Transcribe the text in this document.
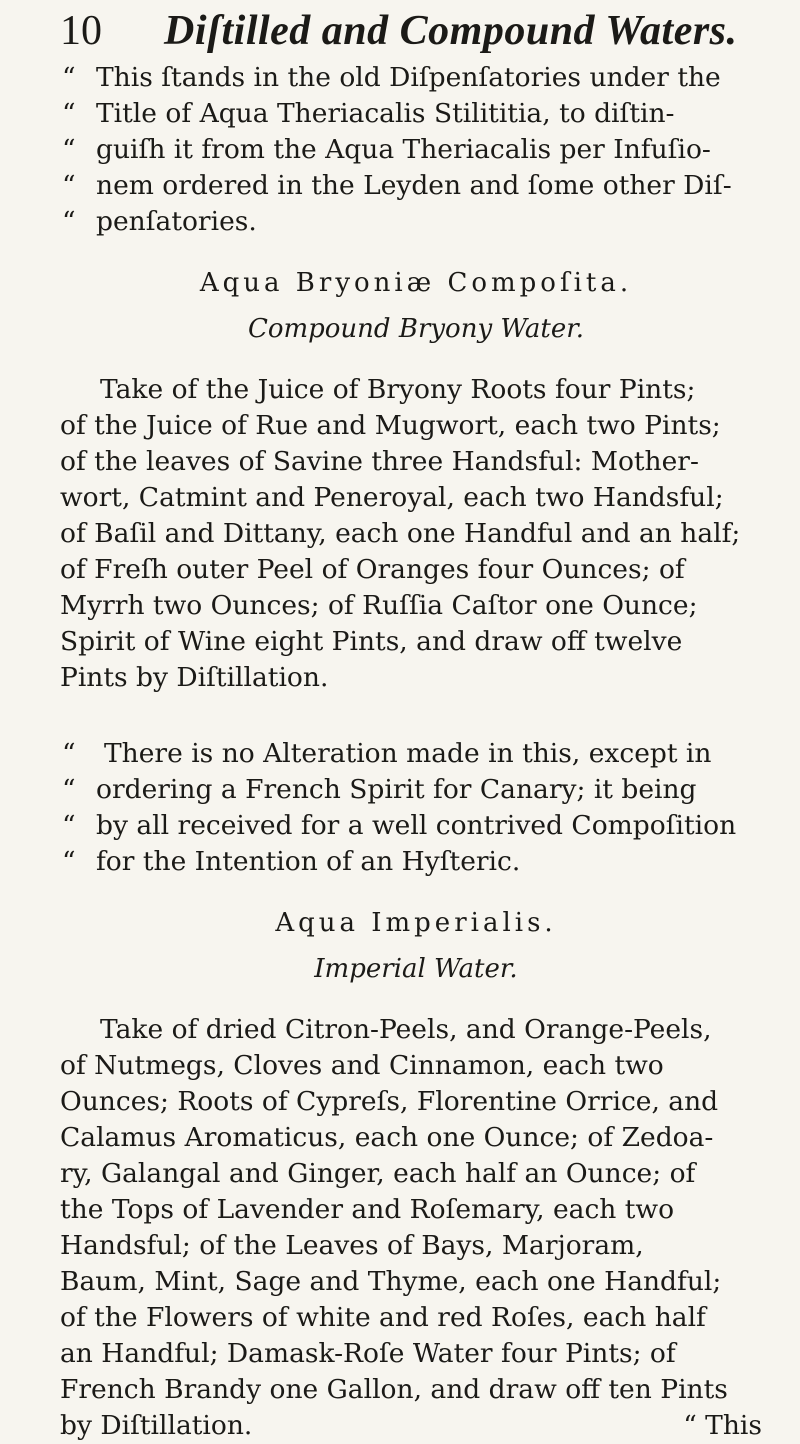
10	Diſtilled and Compound Waters.
“ This ſtands in the old Diſpenſatories under the
“ Title of Aqua Theriacalis Stilititia, to diſtin-
“ guiſh it from the Aqua Theriacalis per Infuſio-
“ nem ordered in the Leyden and ſome other Diſ-
“ penſatories.
Aqua Bryoniæ Compoſita.
Compound Bryony Water.
Take of the Juice of Bryony Roots four Pints;
of the Juice of Rue and Mugwort, each two Pints;
of the leaves of Savine three Handsful: Mother-
wort, Catmint and Peneroyal, each two Handsful;
of Baſil and Dittany, each one Handful and an half;
of Freſh outer Peel of Oranges four Ounces; of
Myrrh two Ounces; of Ruſſia Caſtor one Ounce;
Spirit of Wine eight Pints, and draw off twelve
Pints by Diſtillation.
“	There is no Alteration made in this, except in
“ ordering a French Spirit for Canary; it being
“ by all received for a well contrived Compoſition
“ for the Intention of an Hyſteric.
Aqua Imperialis.
Imperial Water.
Take of dried Citron-Peels, and Orange-Peels,
of Nutmegs, Cloves and Cinnamon, each two
Ounces; Roots of Cypreſs, Florentine Orrice, and
Calamus Aromaticus, each one Ounce; of Zedoa-
ry, Galangal and Ginger, each half an Ounce; of
the Tops of Lavender and Roſemary, each two
Handsful; of the Leaves of Bays, Marjoram,
Baum, Mint, Sage and Thyme, each one Handful;
of the Flowers of white and red Roſes, each half
an Handful; Damask-Roſe Water four Pints; of
French Brandy one Gallon, and draw off ten Pints
by Diſtillation.	“ This
